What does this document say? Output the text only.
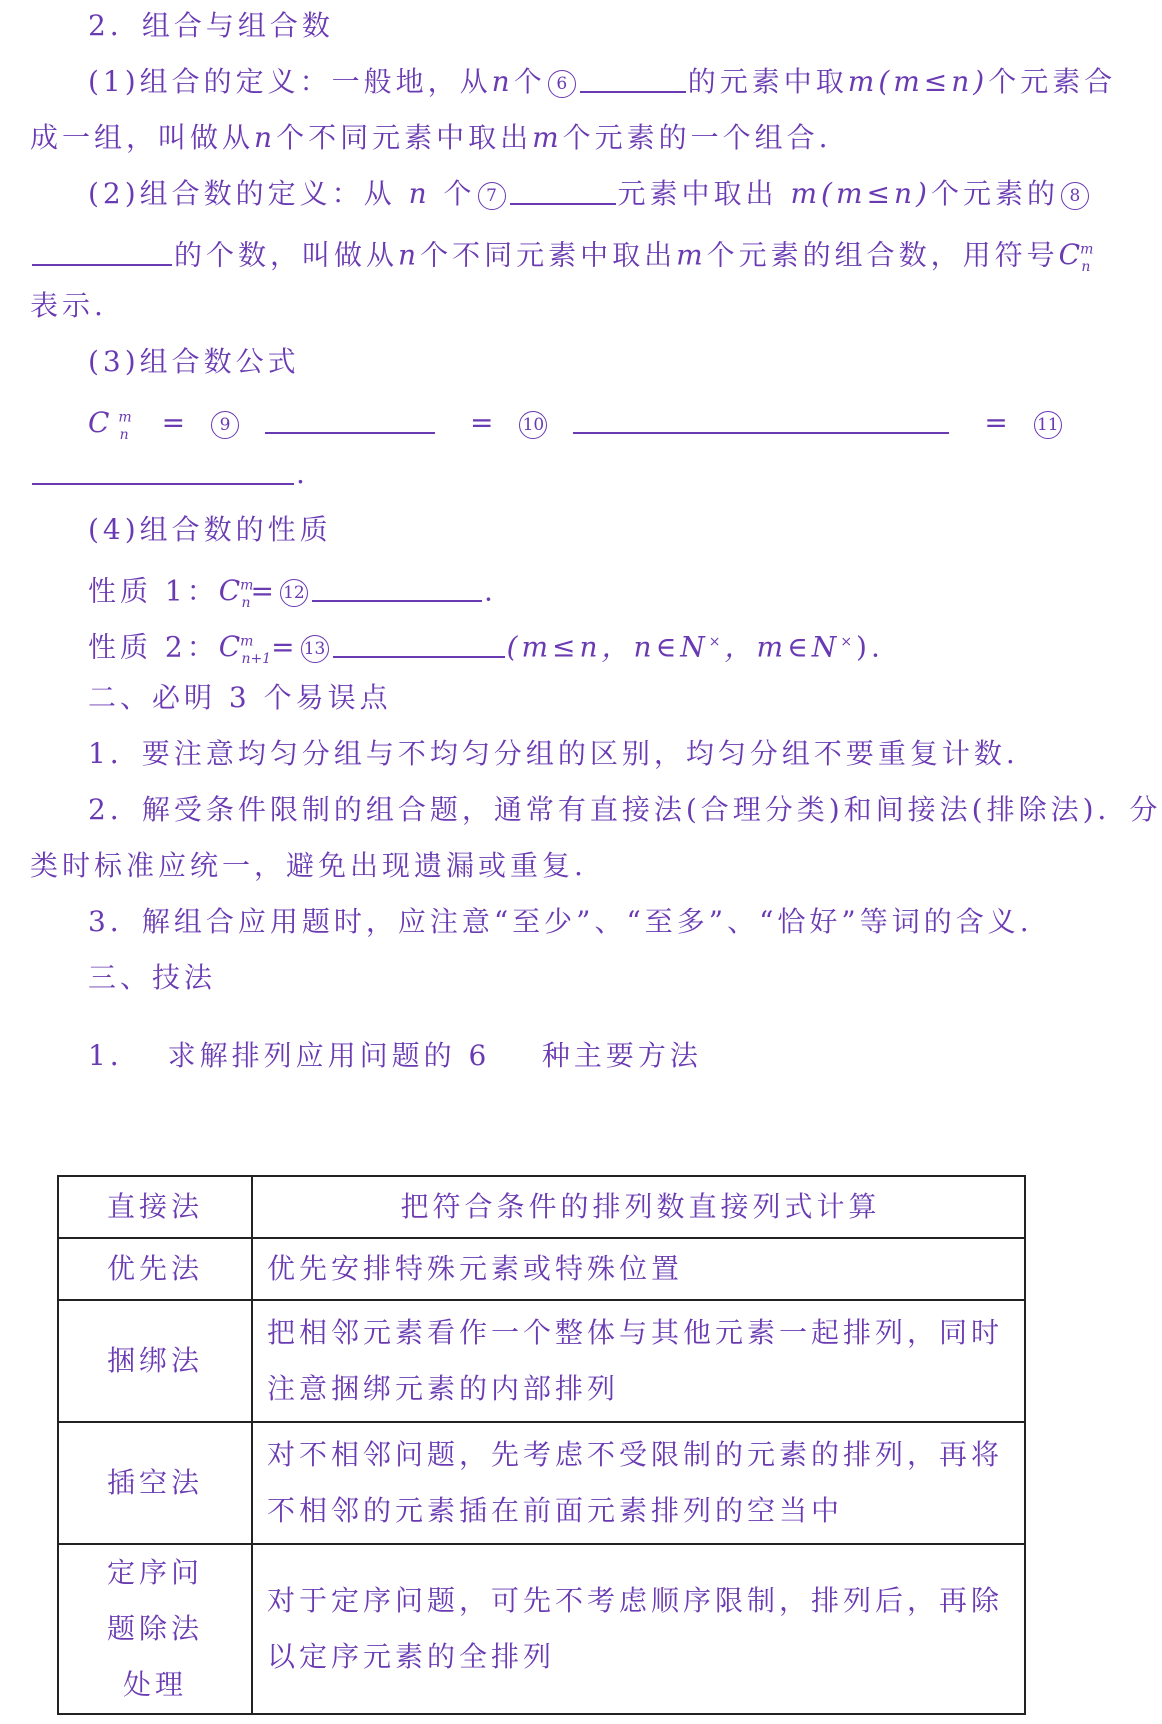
2．组合与组合数
(1)组合的定义：一般地，从n个 6	的元素中取m(m≤n)个元素合
成一组，叫做从n个不同元素中取出m个元素的一个组合.
(2)组合数的定义：从 n 个 7	元素中取出 m(m≤n)个元素的 8
的个数，叫做从n个不同元素中取出m个元素的组合数，用符号$C^m_n$
表示.
(3)组合数公式
C $^m_n$ = 9	= 10	= 11
.
(4)组合数的性质
性质 1：$C^m_n= 12$	.
性质 2：$C^m_{n+1}= 13$	(m≤n，n∈N×，m∈N×).
二、必明 3 个易误点
1．要注意均匀分组与不均匀分组的区别，均匀分组不要重复计数.
2．解受条件限制的组合题，通常有直接法(合理分类)和间接法(排除法)．分
类时标准应统一，避免出现遗漏或重复.
3．解组合应用题时，应注意“至少”、“至多”、“恰好”等词的含义.
三、技法
1．  求解排列应用问题的 6    种主要方法
直接法	把符合条件的排列数直接列式计算
优先法	优先安排特殊元素或特殊位置
捆绑法	把相邻元素看作一个整体与其他元素一起排列，同时注意捆绑元素的内部排列
插空法	对不相邻问题，先考虑不受限制的元素的排列，再将不相邻的元素插在前面元素排列的空当中
定序问题除法处理	对于定序问题，可先不考虑顺序限制，排列后，再除以定序元素的全排列
